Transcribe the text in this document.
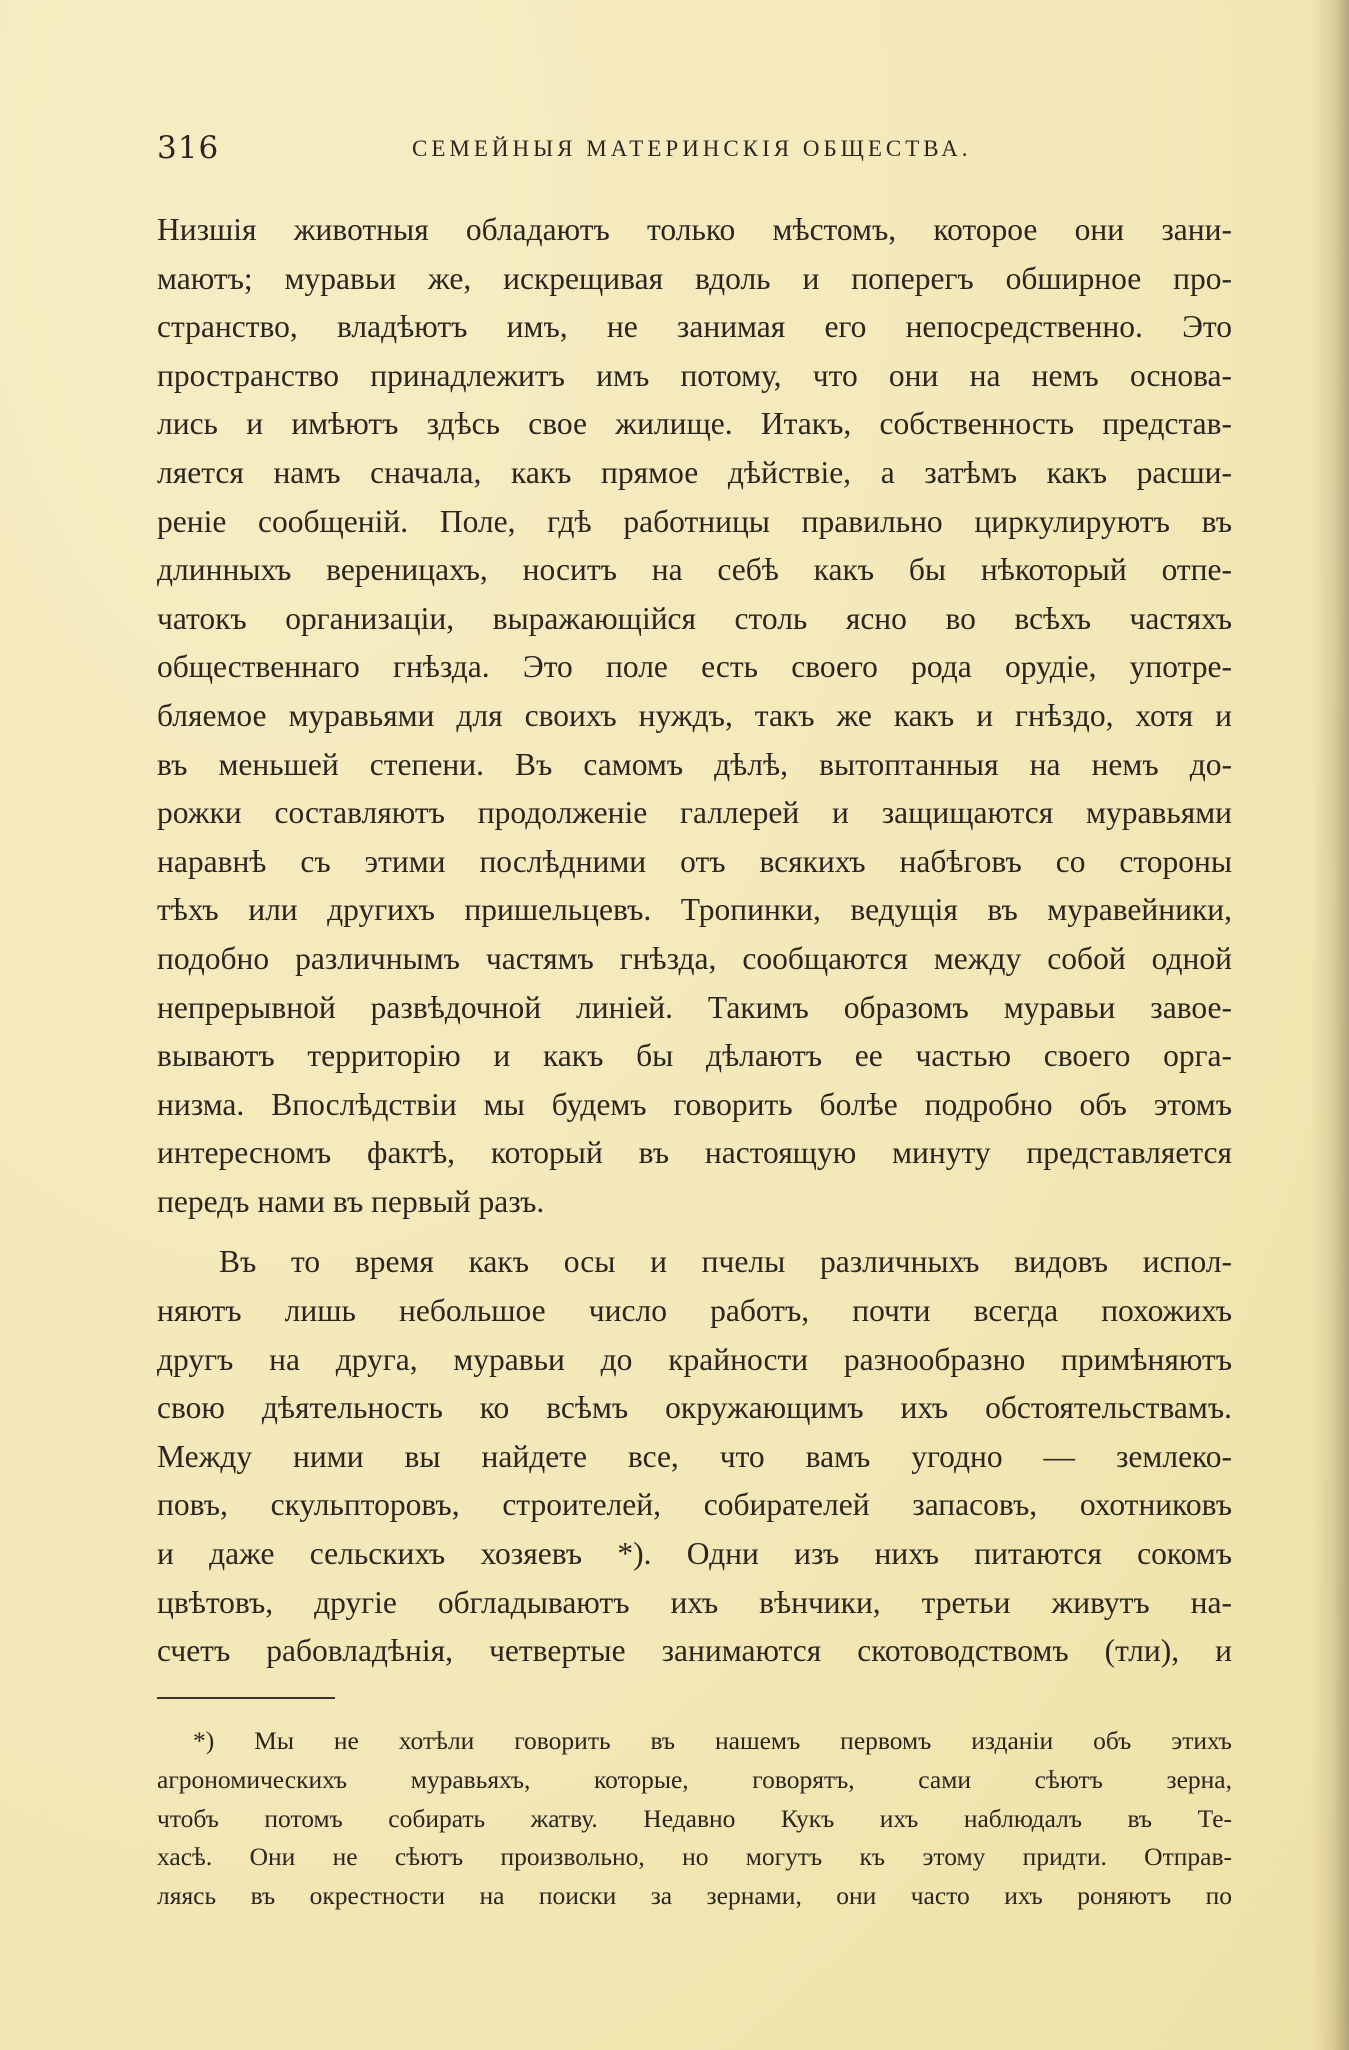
316	СЕМЕЙНЫЯ МАТЕРИНСКІЯ ОБЩЕСТВА.
Низшія животныя обладаютъ только мѣстомъ, которое они зани-
маютъ; муравьи же, искрещивая вдоль и поперегъ обширное про-
странство, владѣютъ имъ, не занимая его непосредственно. Это
пространство принадлежитъ имъ потому, что они на немъ основа-
лись и имѣютъ здѣсь свое жилище. Итакъ, собственность представ-
ляется намъ сначала, какъ прямое дѣйствіе, а затѣмъ какъ расши-
реніе сообщеній. Поле, гдѣ работницы правильно циркулируютъ въ
длинныхъ вереницахъ, носитъ на себѣ какъ бы нѣкоторый отпе-
чатокъ организаціи, выражающійся столь ясно во всѣхъ частяхъ
общественнаго гнѣзда. Это поле есть своего рода орудіе, употре-
бляемое муравьями для своихъ нуждъ, такъ же какъ и гнѣздо, хотя и
въ меньшей степени. Въ самомъ дѣлѣ, вытоптанныя на немъ до-
рожки составляютъ продолженіе галлерей и защищаются муравьями
наравнѣ съ этими послѣдними отъ всякихъ набѣговъ со стороны
тѣхъ или другихъ пришельцевъ. Тропинки, ведущія въ муравейники,
подобно различнымъ частямъ гнѣзда, сообщаются между собой одной
непрерывной развѣдочной линіей. Такимъ образомъ муравьи завое-
вываютъ территорію и какъ бы дѣлаютъ ее частью своего орга-
низма. Впослѣдствіи мы будемъ говорить болѣе подробно объ этомъ
интересномъ фактѣ, который въ настоящую минуту представляется
передъ нами въ первый разъ.
Въ то время какъ осы и пчелы различныхъ видовъ испол-
няютъ лишь небольшое число работъ, почти всегда похожихъ
другъ на друга, муравьи до крайности разнообразно примѣняютъ
свою дѣятельность ко всѣмъ окружающимъ ихъ обстоятельствамъ.
Между ними вы найдете все, что вамъ угодно — землеко-
повъ, скульпторовъ, строителей, собирателей запасовъ, охотниковъ
и даже сельскихъ хозяевъ *). Одни изъ нихъ питаются сокомъ
цвѣтовъ, другіе обгладываютъ ихъ вѣнчики, третьи живутъ на-
счетъ рабовладѣнія, четвертые занимаются скотоводствомъ (тли), и
*) Мы не хотѣли говорить въ нашемъ первомъ изданіи объ этихъ
агрономическихъ муравьяхъ, которые, говорятъ, сами сѣютъ зерна,
чтобъ потомъ собирать жатву. Недавно Кукъ ихъ наблюдалъ въ Те-
хасѣ. Они не сѣютъ произвольно, но могутъ къ этому придти. Отправ-
ляясь въ окрестности на поиски за зернами, они часто ихъ роняютъ по
